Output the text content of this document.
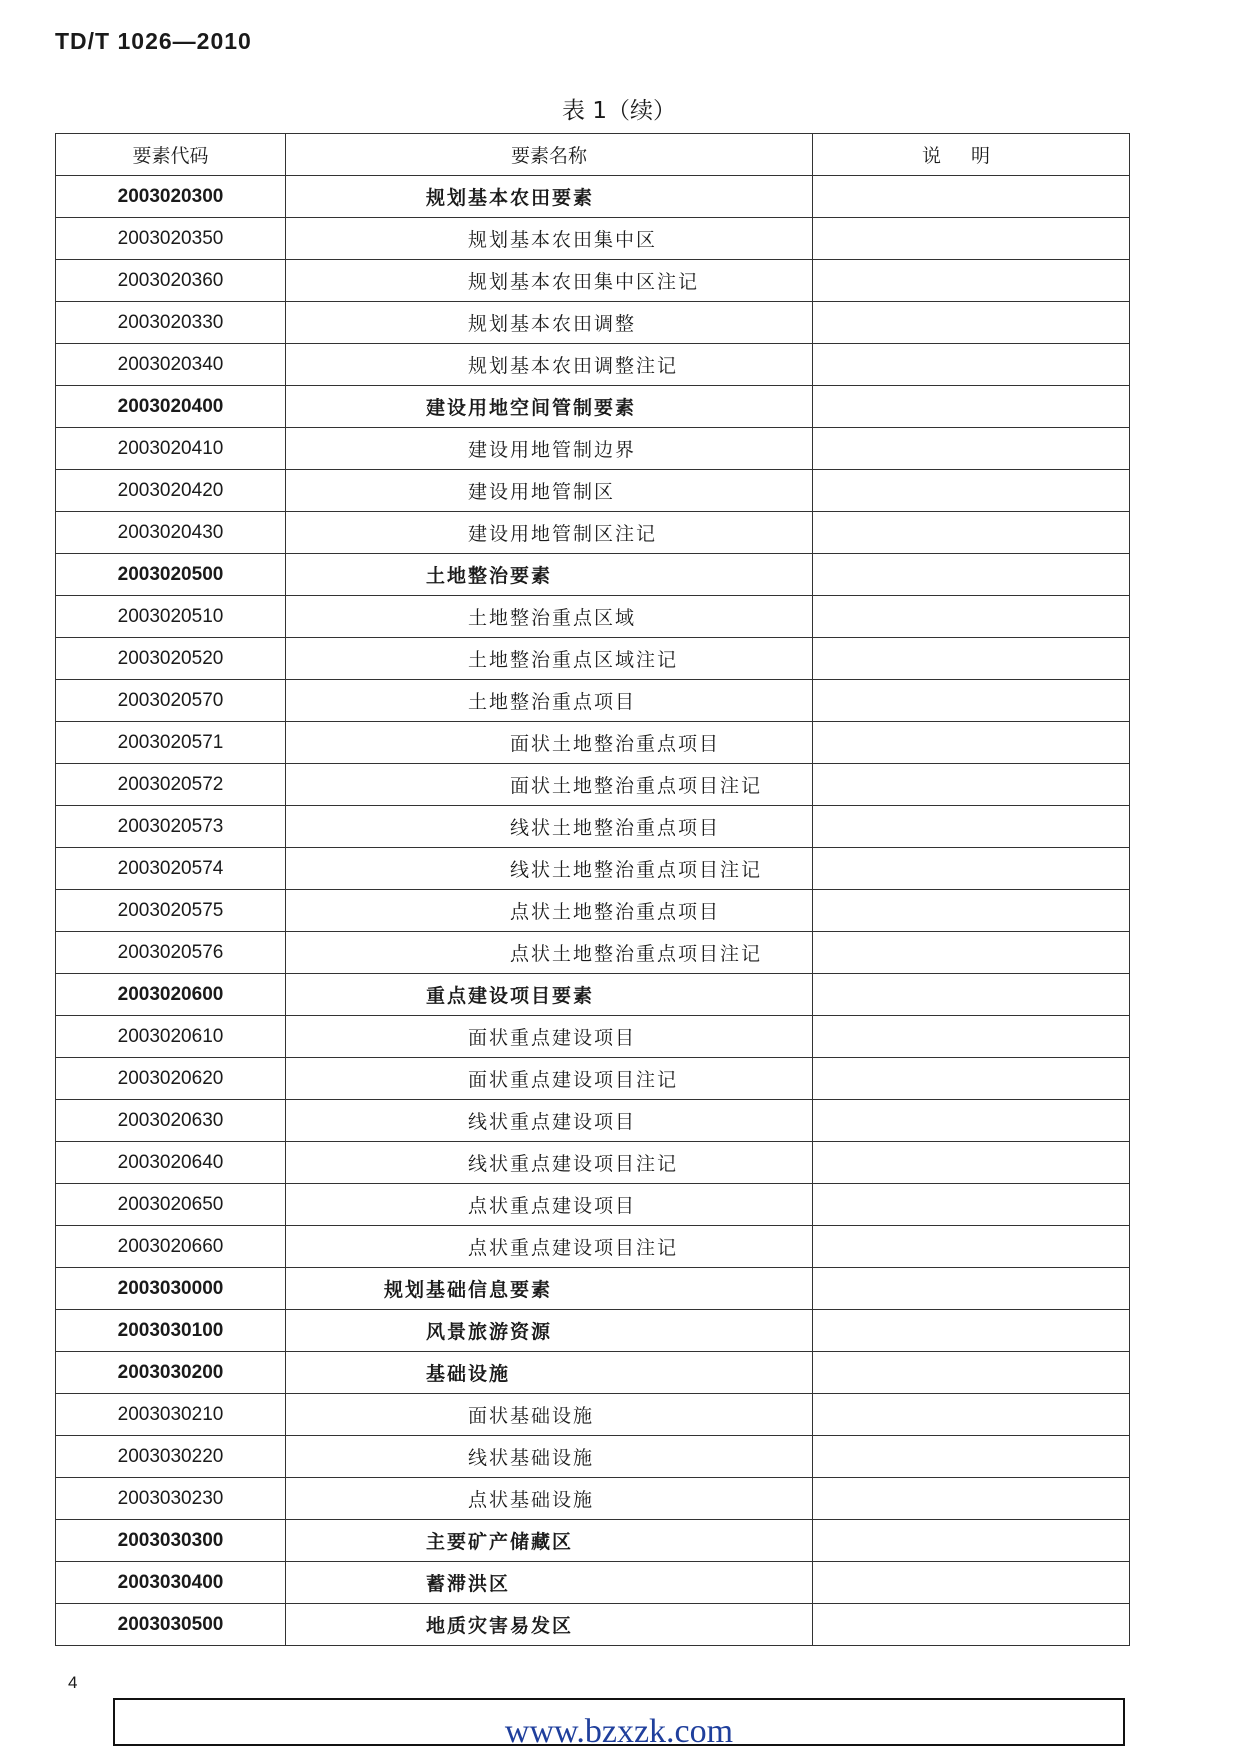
TD/T 1026—2010
表 1（续）
要素代码	要素名称	说明
2003020300	规划基本农田要素	
2003020350	规划基本农田集中区	
2003020360	规划基本农田集中区注记	
2003020330	规划基本农田调整	
2003020340	规划基本农田调整注记	
2003020400	建设用地空间管制要素	
2003020410	建设用地管制边界	
2003020420	建设用地管制区	
2003020430	建设用地管制区注记	
2003020500	土地整治要素	
2003020510	土地整治重点区域	
2003020520	土地整治重点区域注记	
2003020570	土地整治重点项目	
2003020571	面状土地整治重点项目	
2003020572	面状土地整治重点项目注记	
2003020573	线状土地整治重点项目	
2003020574	线状土地整治重点项目注记	
2003020575	点状土地整治重点项目	
2003020576	点状土地整治重点项目注记	
2003020600	重点建设项目要素	
2003020610	面状重点建设项目	
2003020620	面状重点建设项目注记	
2003020630	线状重点建设项目	
2003020640	线状重点建设项目注记	
2003020650	点状重点建设项目	
2003020660	点状重点建设项目注记	
2003030000	规划基础信息要素	
2003030100	风景旅游资源	
2003030200	基础设施	
2003030210	面状基础设施	
2003030220	线状基础设施	
2003030230	点状基础设施	
2003030300	主要矿产储藏区	
2003030400	蓄滞洪区	
2003030500	地质灾害易发区	
4
www.bzxzk.com
